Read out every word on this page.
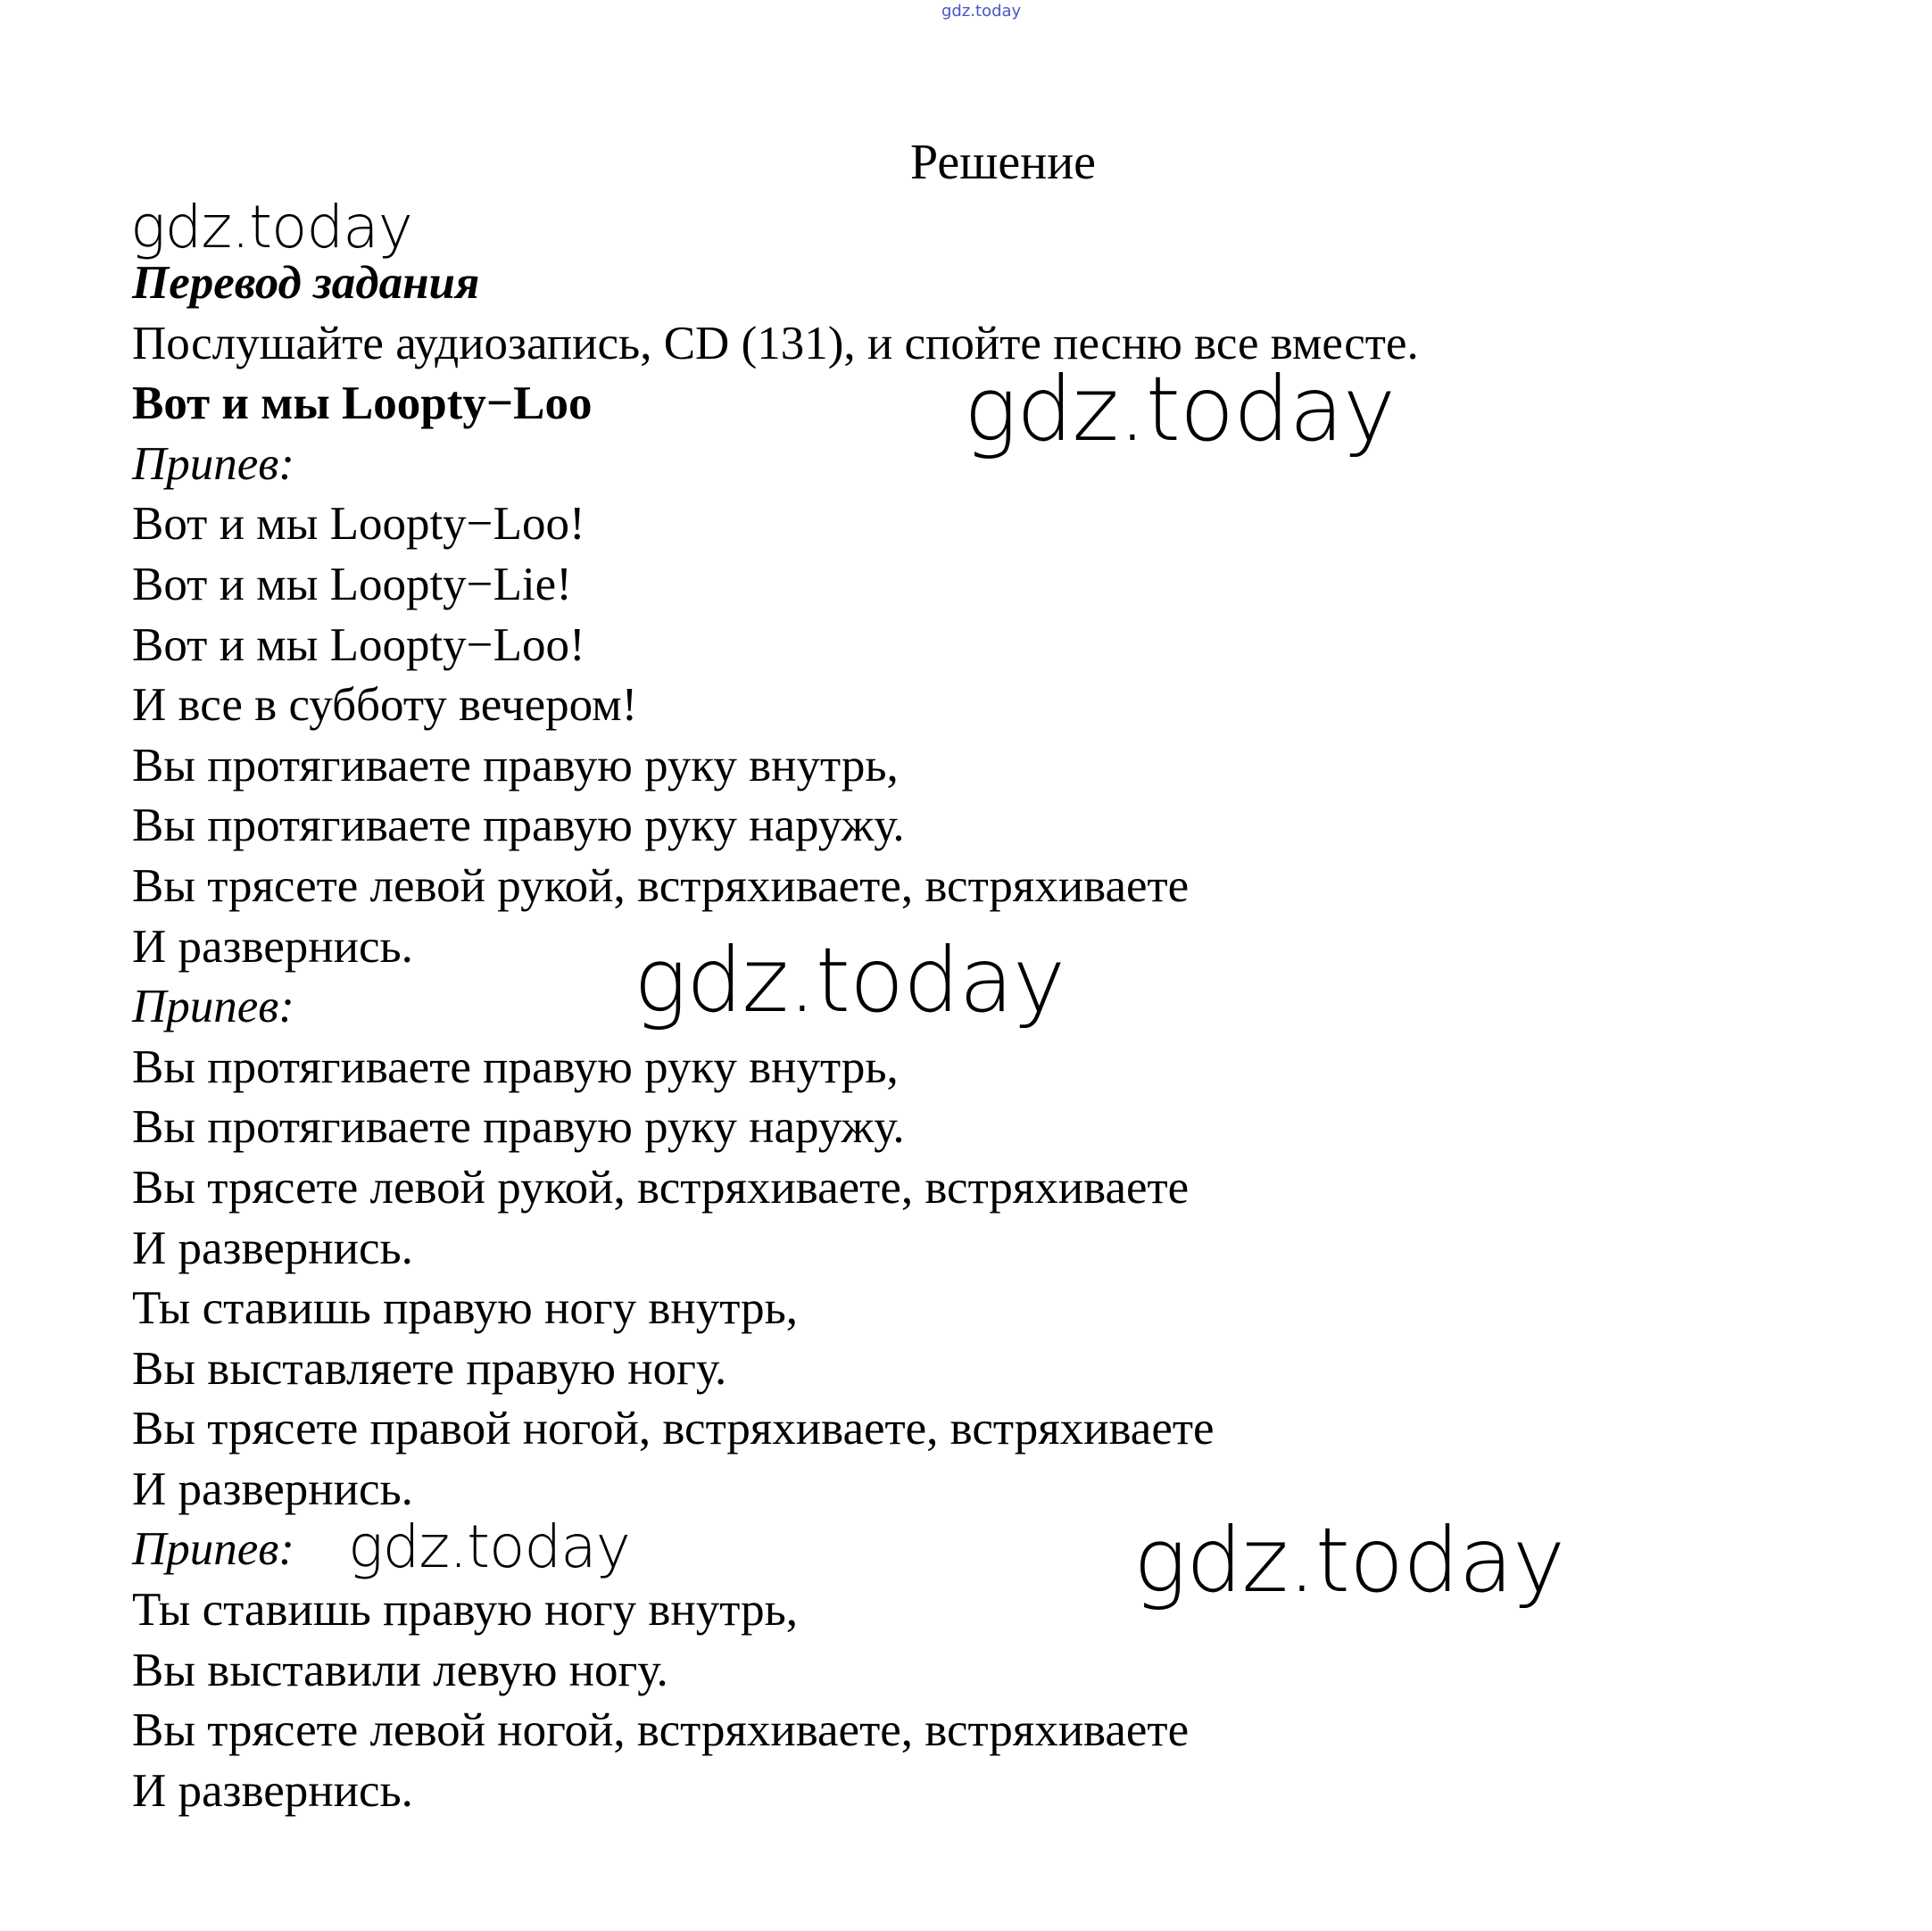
gdz.today
Решение
gdz.today
gdz.today
gdz.today
gdz.today	gdz.today
Перевод задания
Послушайте аудиозапись, CD (131), и спойте песню все вместе.
Вот и мы Loopty−Loo
Припев:
Вот и мы Loopty−Loo!
Вот и мы Loopty−Lie!
Вот и мы Loopty−Loo!
И все в субботу вечером!
Вы протягиваете правую руку внутрь,
Вы протягиваете правую руку наружу.
Вы трясете левой рукой, встряхиваете, встряхиваете
И развернись.
Припев:
Вы протягиваете правую руку внутрь,
Вы протягиваете правую руку наружу.
Вы трясете левой рукой, встряхиваете, встряхиваете
И развернись.
Ты ставишь правую ногу внутрь,
Вы выставляете правую ногу.
Вы трясете правой ногой, встряхиваете, встряхиваете
И развернись.
Припев:
Ты ставишь правую ногу внутрь,
Вы выставили левую ногу.
Вы трясете левой ногой, встряхиваете, встряхиваете
И развернись.
